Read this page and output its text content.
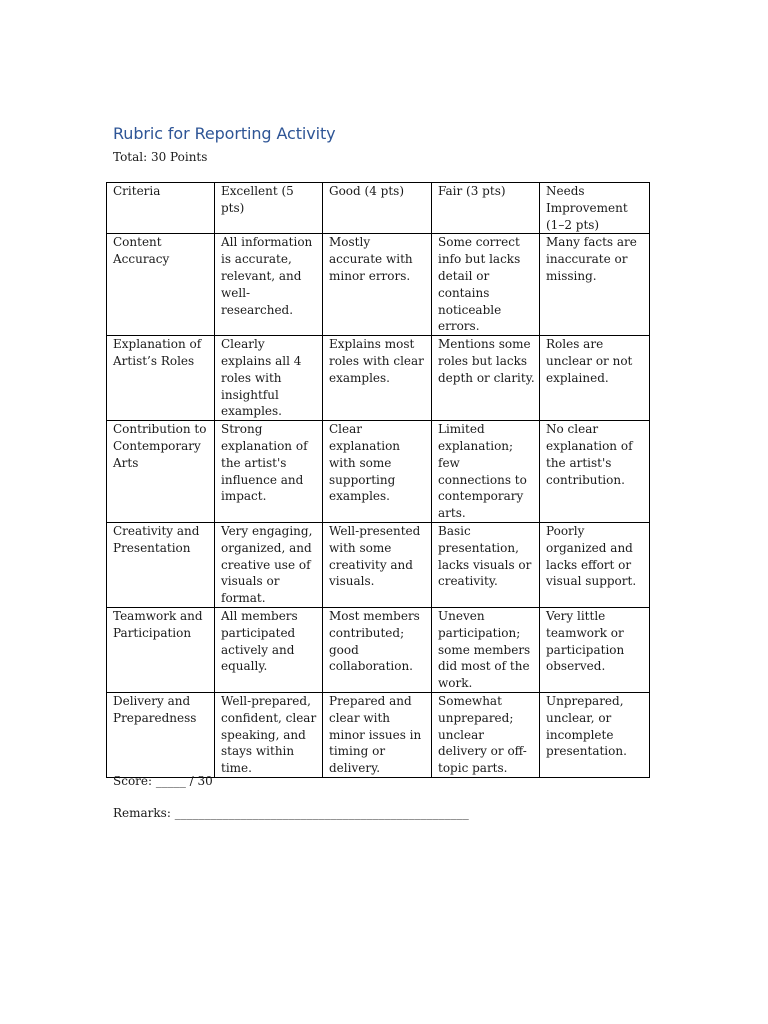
Rubric for Reporting Activity
Total: 30 Points
Criteria	Excellent (5 pts)	Good (4 pts)	Fair (3 pts)	Needs Improvement (1–2 pts)
Content Accuracy	All information is accurate, relevant, and well-researched.	Mostly accurate with minor errors.	Some correct info but lacks detail or contains noticeable errors.	Many facts are inaccurate or missing.
Explanation of Artist’s Roles	Clearly explains all 4 roles with insightful examples.	Explains most roles with clear examples.	Mentions some roles but lacks depth or clarity.	Roles are unclear or not explained.
Contribution to Contemporary Arts	Strong explanation of the artist's influence and impact.	Clear explanation with some supporting examples.	Limited explanation; few connections to contemporary arts.	No clear explanation of the artist's contribution.
Creativity and Presentation	Very engaging, organized, and creative use of visuals or format.	Well-presented with some creativity and visuals.	Basic presentation, lacks visuals or creativity.	Poorly organized and lacks effort or visual support.
Teamwork and Participation	All members participated actively and equally.	Most members contributed; good collaboration.	Uneven participation; some members did most of the work.	Very little teamwork or participation observed.
Delivery and Preparedness	Well-prepared, confident, clear speaking, and stays within time.	Prepared and clear with minor issues in timing or delivery.	Somewhat unprepared; unclear delivery or off-topic parts.	Unprepared, unclear, or incomplete presentation.
Score: _____ / 30
Remarks: _________________________________________________
